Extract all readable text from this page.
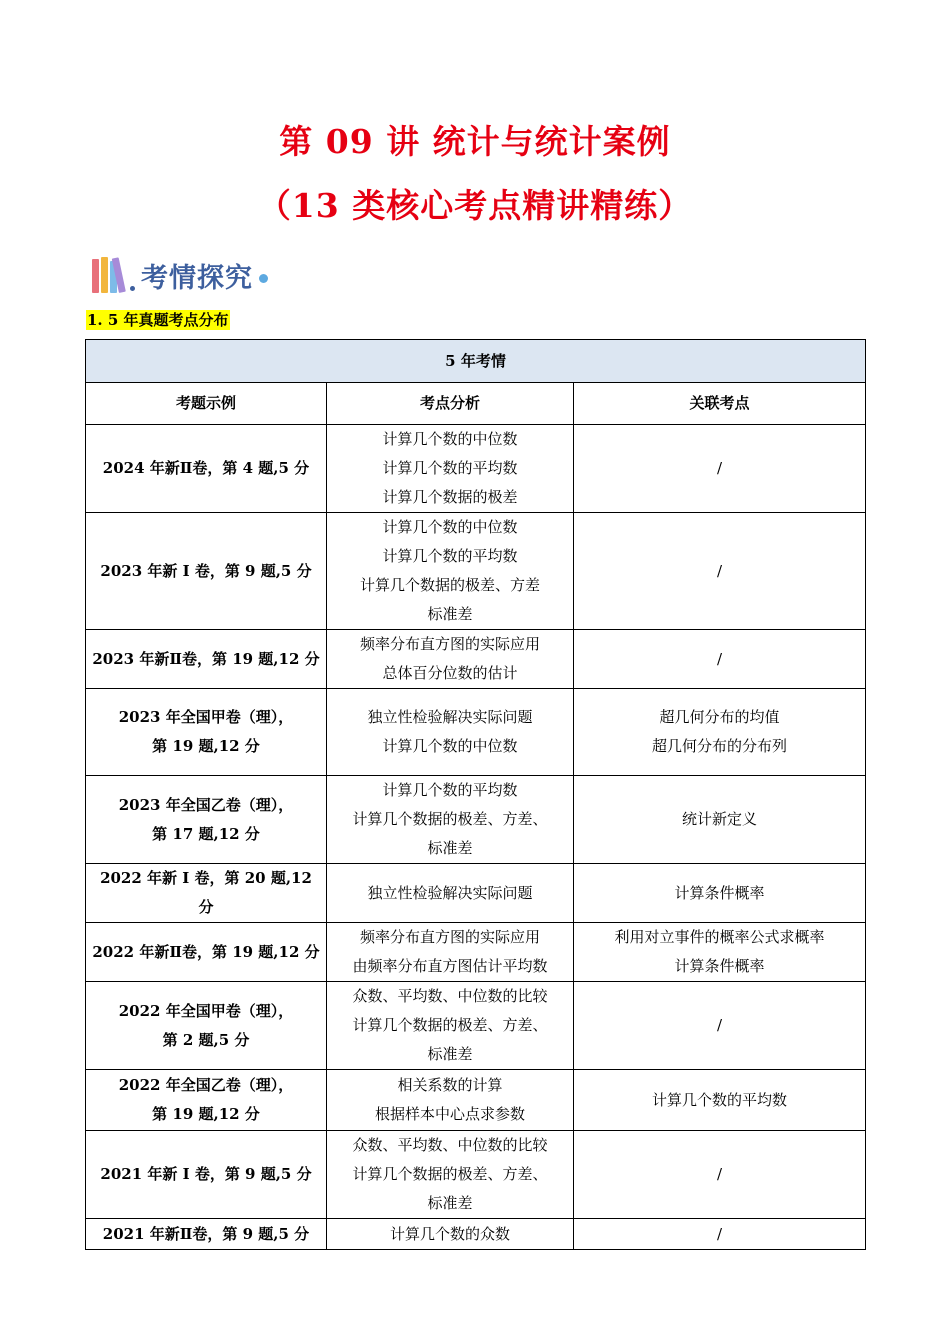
第 09 讲 统计与统计案例
（13 类核心考点精讲精练）
考情探究
1. 5 年真题考点分布
5 年考情		
考题示例	考点分析	关联考点

2024 年新Ⅱ卷，第 4 题,5 分	计算几个数的中位数
计算几个数的平均数
计算几个数据的极差	/

2023 年新 I 卷，第 9 题,5 分	计算几个数的中位数
计算几个数的平均数
计算几个数据的极差、方差
标准差	/

2023 年新Ⅱ卷，第 19 题,12 分	频率分布直方图的实际应用
总体百分位数的估计	/

2023 年全国甲卷（理），
第 19 题,12 分	独立性检验解决实际问题
计算几个数的中位数	超几何分布的均值
超几何分布的分布列

2023 年全国乙卷（理），
第 17 题,12 分	计算几个数的平均数
计算几个数据的极差、方差、
标准差	统计新定义

2022 年新 I 卷，第 20 题,12 分	独立性检验解决实际问题	计算条件概率

2022 年新Ⅱ卷，第 19 题,12 分	频率分布直方图的实际应用
由频率分布直方图估计平均数	利用对立事件的概率公式求概率
计算条件概率

2022 年全国甲卷（理），
第 2 题,5 分	众数、平均数、中位数的比较
计算几个数据的极差、方差、
标准差	/

2022 年全国乙卷（理），
第 19 题,12 分	相关系数的计算
根据样本中心点求参数	计算几个数的平均数

2021 年新 I 卷，第 9 题,5 分	众数、平均数、中位数的比较
计算几个数据的极差、方差、
标准差	/

2021 年新Ⅱ卷，第 9 题,5 分	计算几个数的众数	/
